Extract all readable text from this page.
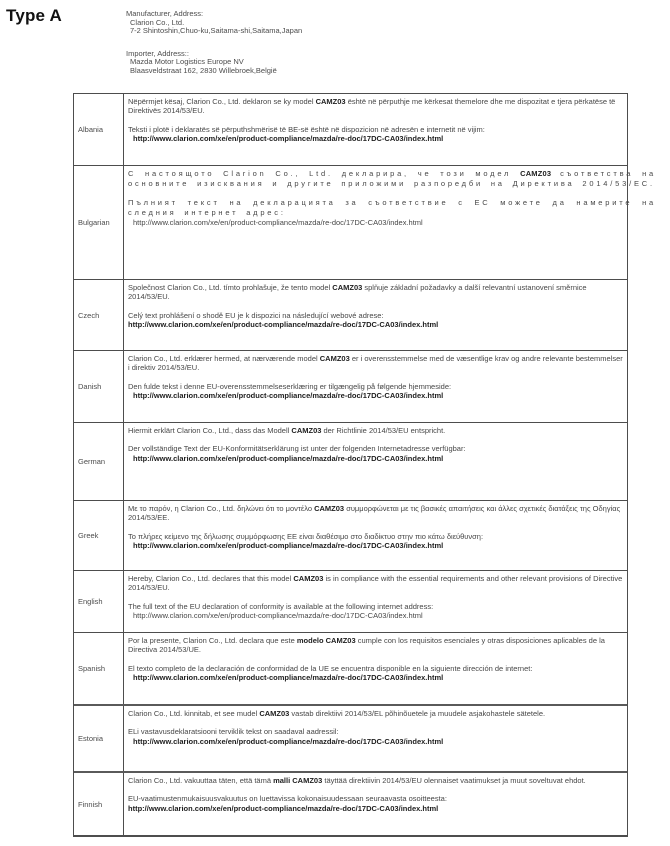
Type A	Manufacturer, Address:
Clarion Co., Ltd.
7-2 Shintoshin,Chuo-ku,Saitama-shi,Saitama,Japan
Importer, Address::
Mazda Motor Logistics Europe NV
Blaasveldstraat 162, 2830 Willebroek,België
Albania
Nëpërmjet kësaj, Clarion Co., Ltd. deklaron se ky model CAMZ03 është në përputhje me kërkesat themelore dhe me dispozitat e tjera përkatëse të Direktivës 2014/53/EU.
Teksti i plotë i deklaratës së përputhshmërisë të BE-së është në dispozicion në adresën e internetit në vijim:
http://www.clarion.com/xe/en/product-compliance/mazda/re-doc/17DC-CA03/index.html
Bulgarian
С настоящото Clarion Co., Ltd. декларира, че този модел CAMZ03 съответства на основните изисквания и другите приложими разпоредби на Директива 2014/53/ЕС.
Пълният текст на декларацията за съответствие с ЕС можете да намерите на следния интернет адрес:
http://www.clarion.com/xe/en/product-compliance/mazda/re-doc/17DC-CA03/index.html
Czech
Společnost Clarion Co., Ltd. tímto prohlašuje, že tento model CAMZ03 splňuje základní požadavky a další relevantní ustanovení směrnice 2014/53/EU.
Celý text prohlášení o shodě EU je k dispozici na následující webové adrese:
http://www.clarion.com/xe/en/product-compliance/mazda/re-doc/17DC-CA03/index.html
Danish
Clarion Co., Ltd. erklærer hermed, at nærværende model CAMZ03 er i overensstemmelse med de væsentlige krav og andre relevante bestemmelser i direktiv 2014/53/EU.
Den fulde tekst i denne EU-overensstemmelseserklæring er tilgængelig på følgende hjemmeside:
http://www.clarion.com/xe/en/product-compliance/mazda/re-doc/17DC-CA03/index.html
German
Hiermit erklärt Clarion Co., Ltd., dass das Modell CAMZ03 der Richtlinie 2014/53/EU entspricht.
Der vollständige Text der EU-Konformitätserklärung ist unter der folgenden Internetadresse verfügbar:
http://www.clarion.com/xe/en/product-compliance/mazda/re-doc/17DC-CA03/index.html
Greek
Με το παρόν, η Clarion Co., Ltd. δηλώνει ότι το μοντέλο CAMZ03 συμμορφώνεται με τις βασικές απαιτήσεις και άλλες σχετικές διατάξεις της Οδηγίας 2014/53/ΕΕ.
Το πλήρες κείμενο της δήλωσης συμμόρφωσης ΕΕ είναι διαθέσιμο στο διαδίκτυο στην πιο κάτω διεύθυνση:
http://www.clarion.com/xe/en/product-compliance/mazda/re-doc/17DC-CA03/index.html
English
Hereby, Clarion Co., Ltd. declares that this model CAMZ03 is in compliance with the essential requirements and other relevant provisions of Directive 2014/53/EU.
The full text of the EU declaration of conformity is available at the following internet address:
http://www.clarion.com/xe/en/product-compliance/mazda/re-doc/17DC-CA03/index.html
Spanish
Por la presente, Clarion Co., Ltd. declara que este modelo CAMZ03 cumple con los requisitos esenciales y otras disposiciones aplicables de la Directiva 2014/53/UE.
El texto completo de la declaración de conformidad de la UE se encuentra disponible en la siguiente dirección de internet:
http://www.clarion.com/xe/en/product-compliance/mazda/re-doc/17DC-CA03/index.html
Estonia
Clarion Co., Ltd. kinnitab, et see mudel CAMZ03 vastab direktiivi 2014/53/EL põhinõuetele ja muudele asjakohastele sätetele.
ELi vastavusdeklaratsiooni terviklik tekst on saadaval aadressil:
http://www.clarion.com/xe/en/product-compliance/mazda/re-doc/17DC-CA03/index.html
Finnish
Clarion Co., Ltd. vakuuttaa täten, että tämä malli CAMZ03 täyttää direktiivin 2014/53/EU olennaiset vaatimukset ja muut soveltuvat ehdot.
EU-vaatimustenmukaisuusvakuutus on luettavissa kokonaisuudessaan seuraavasta osoitteesta:
http://www.clarion.com/xe/en/product-compliance/mazda/re-doc/17DC-CA03/index.html
